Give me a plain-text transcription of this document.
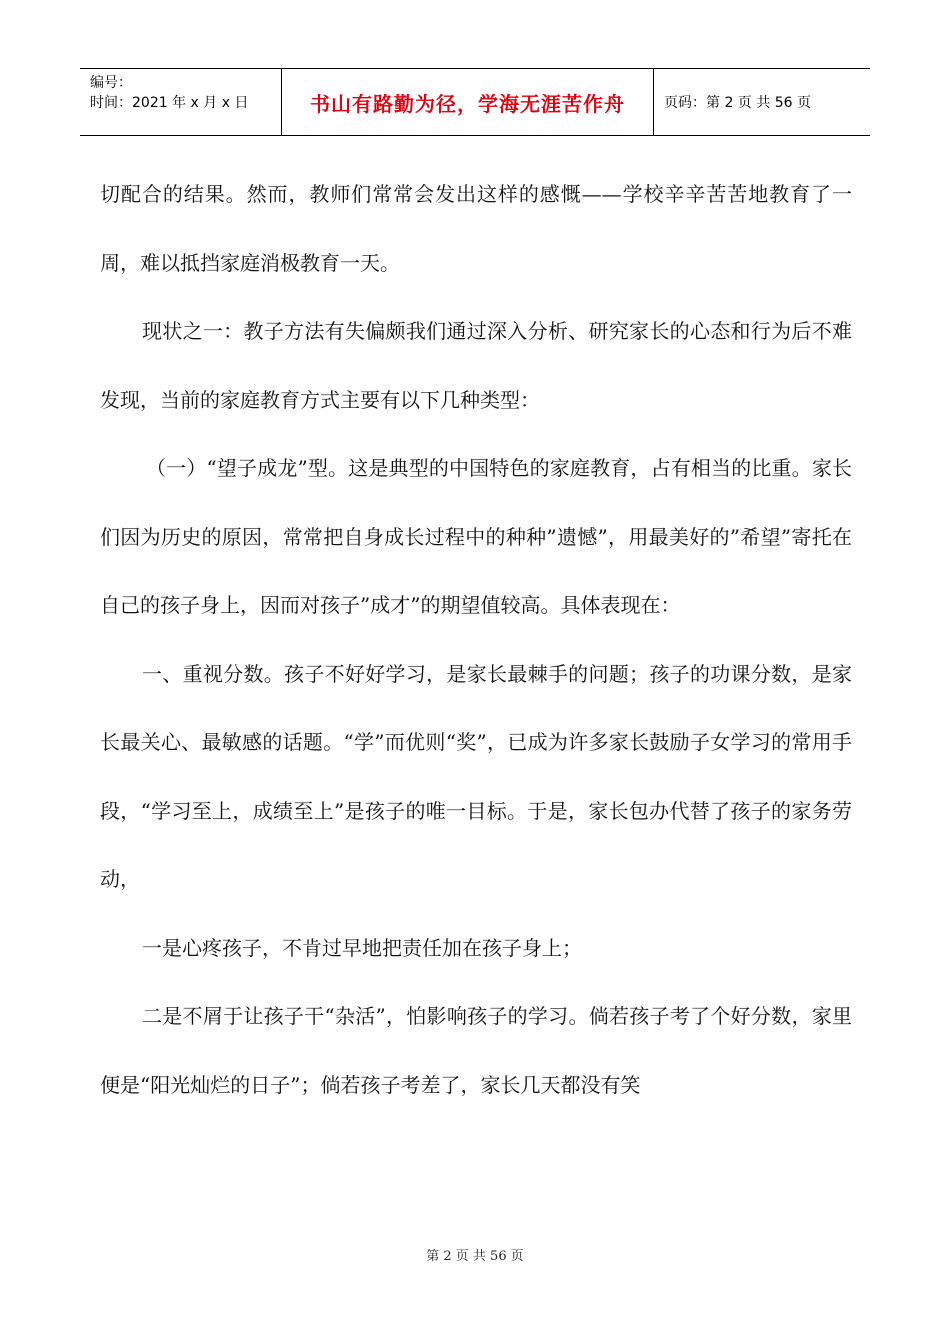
编号：
时间：2021 年 x 月 x 日	书山有路勤为径，学海无涯苦作舟	页码：第 2 页 共 56 页

切配合的结果。然而，教师们常常会发出这样的感慨——学校辛辛苦苦地教育了一周，难以抵挡家庭消极教育一天。

现状之一：教子方法有失偏颇我们通过深入分析、研究家长的心态和行为后不难发现，当前的家庭教育方式主要有以下几种类型：

（一）“望子成龙”型。这是典型的中国特色的家庭教育，占有相当的比重。家长们因为历史的原因，常常把自身成长过程中的种种”遗憾”，用最美好的”希望”寄托在自己的孩子身上，因而对孩子”成才”的期望值较高。具体表现在：

一、重视分数。孩子不好好学习，是家长最棘手的问题；孩子的功课分数，是家长最关心、最敏感的话题。“学”而优则“奖”，已成为许多家长鼓励子女学习的常用手段，“学习至上，成绩至上”是孩子的唯一目标。于是，家长包办代替了孩子的家务劳动，

一是心疼孩子，不肯过早地把责任加在孩子身上；

二是不屑于让孩子干“杂活”，怕影响孩子的学习。倘若孩子考了个好分数，家里便是“阳光灿烂的日子”；倘若孩子考差了，家长几天都没有笑

第 2 页 共 56 页
